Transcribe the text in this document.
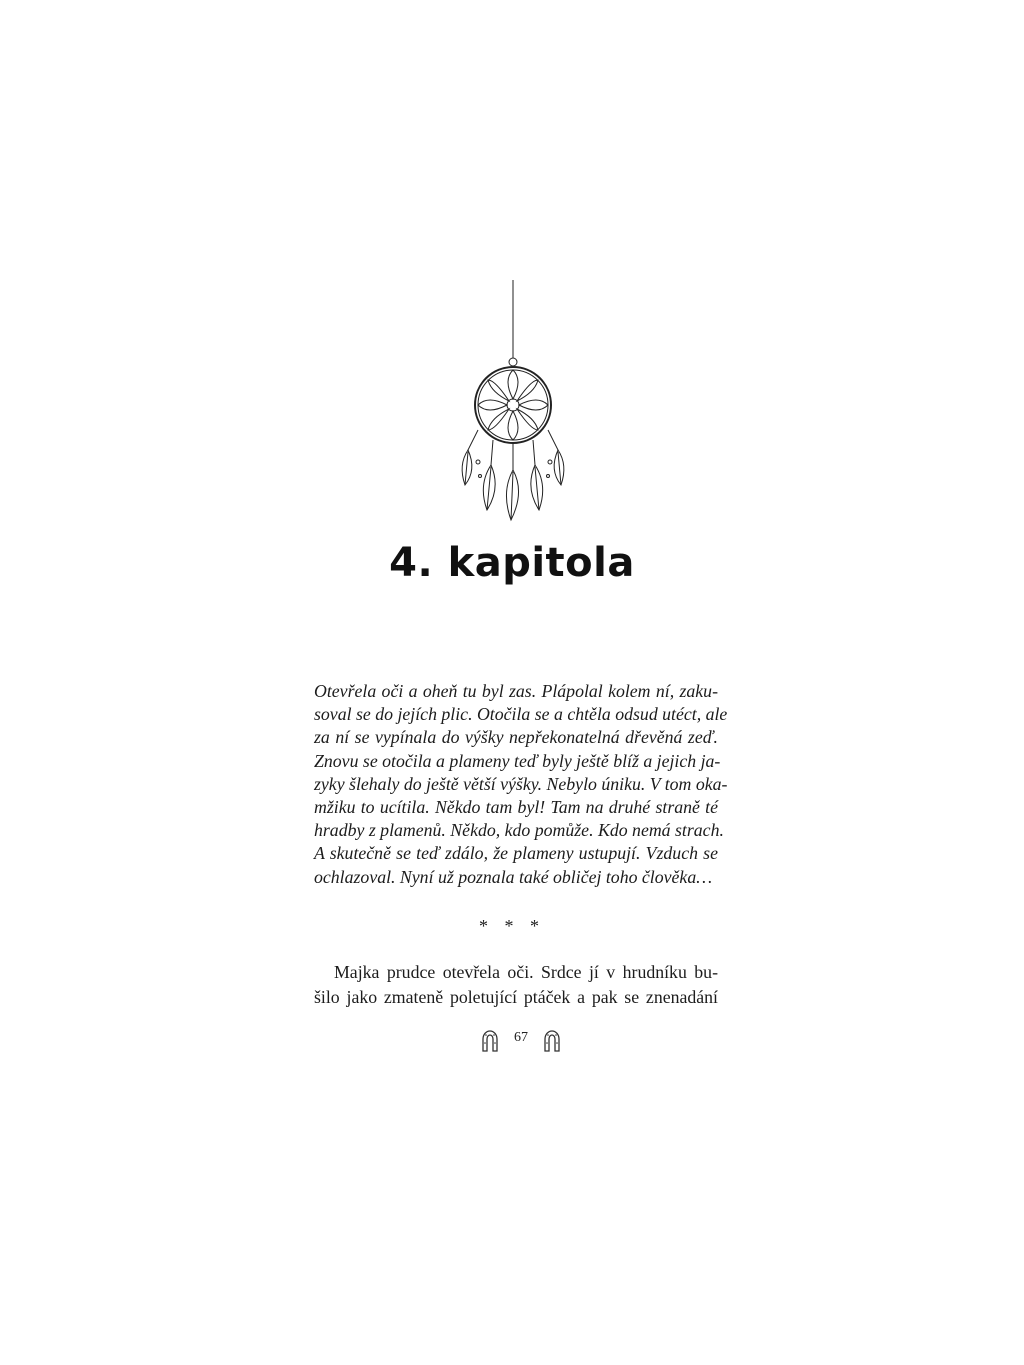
4. kapitola

Otevřela oči a oheň tu byl zas. Plápolal kolem ní, zaku-
soval se do jejích plic. Otočila se a chtěla odsud utéct, ale
za ní se vypínala do výšky nepřekonatelná dřevěná zeď.
Znovu se otočila a plameny teď byly ještě blíž a jejich ja-
zyky šlehaly do ještě větší výšky. Nebylo úniku. V tom oka-
mžiku to ucítila. Někdo tam byl! Tam na druhé straně té
hradby z plamenů. Někdo, kdo pomůže. Kdo nemá strach.
A skutečně se teď zdálo, že plameny ustupují. Vzduch se
ochlazoval. Nyní už poznala také obličej toho člověka…

* * *

Majka prudce otevřela oči. Srdce jí v hrudníku bu-
šilo jako zmateně poletující ptáček a pak se znenadání

67
